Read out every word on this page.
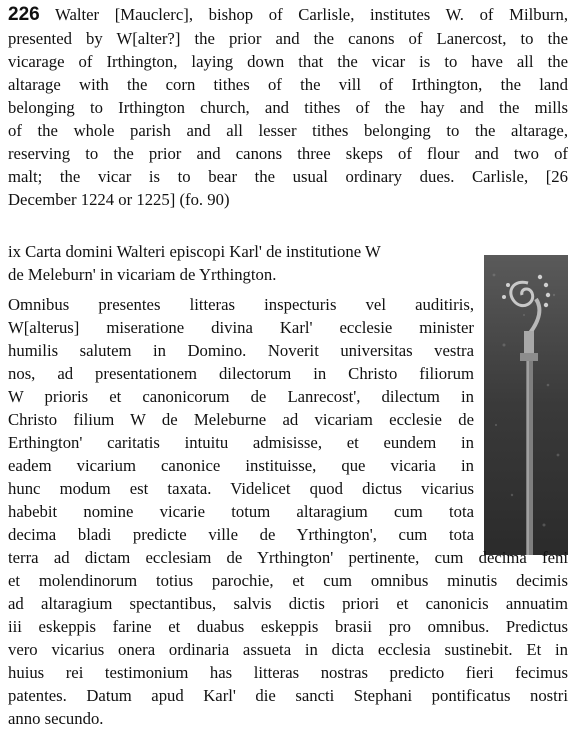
226 Walter [Mauclerc], bishop of Carlisle, institutes W. of Milburn,
presented by W[alter?] the prior and the canons of Lanercost, to the
vicarage of Irthington, laying down that the vicar is to have all the
altarage with the corn tithes of the vill of Irthington, the land
belonging to Irthington church, and tithes of the hay and the mills
of the whole parish and all lesser tithes belonging to the altarage,
reserving to the prior and canons three skeps of flour and two of
malt; the vicar is to bear the usual ordinary dues. Carlisle, [26
December 1224 or 1225] (fo. 90)
ix Carta domini Walteri episcopi Karl' de institutione W
de Meleburn' in vicariam de Yrthington.
Omnibus presentes litteras inspecturis vel auditiris,
W[alterus] miseratione divina Karl' ecclesie minister
humilis salutem in Domino. Noverit universitas vestra
nos, ad presentationem dilectorum in Christo filiorum
W prioris et canonicorum de Lanrecost', dilectum in
Christo filium W de Meleburne ad vicariam ecclesie de
Erthington' caritatis intuitu admisisse, et eundem in
eadem vicarium canonice instituisse, que vicaria in
hunc modum est taxata. Videlicet quod dictus vicarius
habebit nomine vicarie totum altaragium cum tota
decima bladi predicte ville de Yrthington', cum tota
terra ad dictam ecclesiam de Yrthington' pertinente, cum decima feni
et molendinorum totius parochie, et cum omnibus minutis decimis
ad altaragium spectantibus, salvis dictis priori et canonicis annuatim
iii eskeppis farine et duabus eskeppis brasii pro omnibus. Predictus
vero vicarius onera ordinaria assueta in dicta ecclesia sustinebit. Et in
huius rei testimonium has litteras nostras predicto fieri fecimus
patentes. Datum apud Karl' die sancti Stephani pontificatus nostri
anno secundo.
